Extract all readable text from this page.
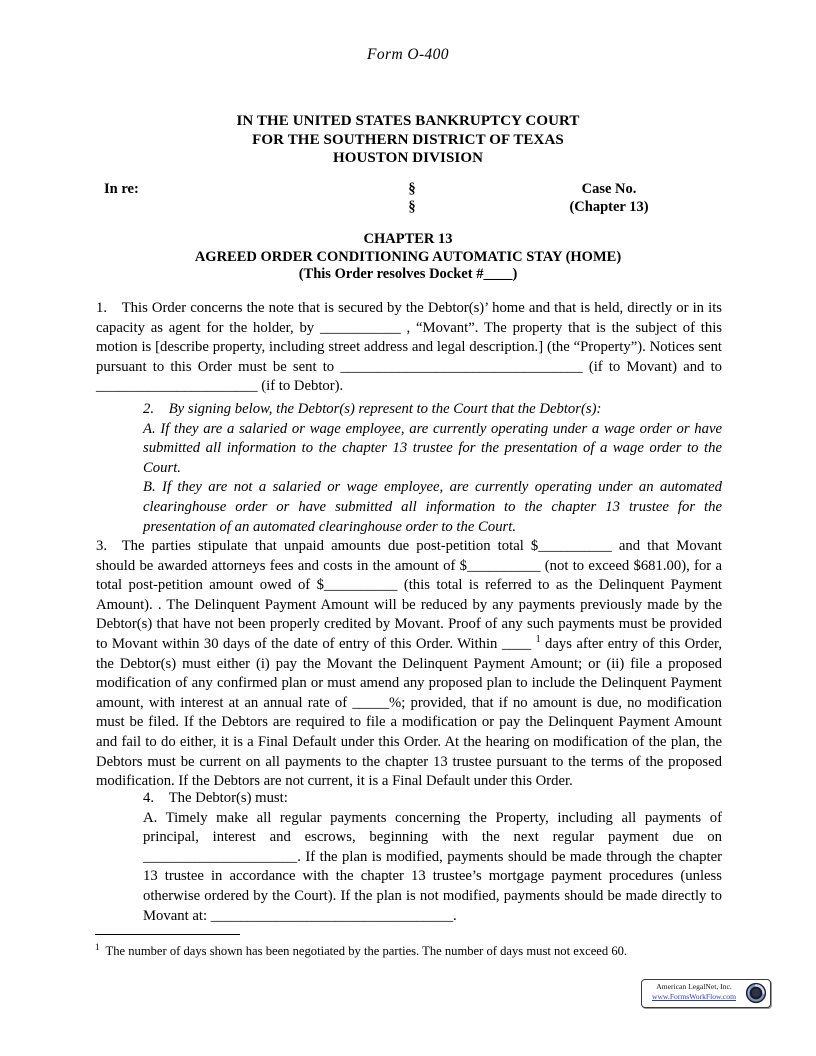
Form O-400
IN THE UNITED STATES BANKRUPTCY COURT
FOR THE SOUTHERN DISTRICT OF TEXAS
HOUSTON DIVISION
In re:	§
§
Case No.
(Chapter 13)
CHAPTER 13
AGREED ORDER CONDITIONING AUTOMATIC STAY (HOME)
(This Order resolves Docket #____)

1. This Order concerns the note that is secured by the Debtor(s)’ home and that is held, directly or in its capacity as agent for the holder, by ___________ , “Movant”. The property that is the subject of this motion is [describe property, including street address and legal description.] (the “Property”). Notices sent pursuant to this Order must be sent to _________________________________ (if to Movant) and to ______________________ (if to Debtor).

2. By signing below, the Debtor(s) represent to the Court that the Debtor(s):

A. If they are a salaried or wage employee, are currently operating under a wage order or have submitted all information to the chapter 13 trustee for the presentation of a wage order to the Court.

B. If they are not a salaried or wage employee, are currently operating under an automated clearinghouse order or have submitted all information to the chapter 13 trustee for the presentation of an automated clearinghouse order to the Court.

3. The parties stipulate that unpaid amounts due post-petition total $__________ and that Movant should be awarded attorneys fees and costs in the amount of $__________ (not to exceed $681.00), for a total post-petition amount owed of $__________ (this total is referred to as the Delinquent Payment Amount). . The Delinquent Payment Amount will be reduced by any payments previously made by the Debtor(s) that have not been properly credited by Movant. Proof of any such payments must be provided to Movant within 30 days of the date of entry of this Order. Within ____ $^1$ days after entry of this Order, the Debtor(s) must either (i) pay the Movant the Delinquent Payment Amount; or (ii) file a proposed modification of any confirmed plan or must amend any proposed plan to include the Delinquent Payment amount, with interest at an annual rate of _____%; provided, that if no amount is due, no modification must be filed. If the Debtors are required to file a modification or pay the Delinquent Payment Amount and fail to do either, it is a Final Default under this Order. At the hearing on modification of the plan, the Debtors must be current on all payments to the chapter 13 trustee pursuant to the terms of the proposed modification. If the Debtors are not current, it is a Final Default under this Order.

4. The Debtor(s) must:

A. Timely make all regular payments concerning the Property, including all payments of principal, interest and escrows, beginning with the next regular payment due on _____________________. If the plan is modified, payments should be made through the chapter 13 trustee in accordance with the chapter 13 trustee’s mortgage payment procedures (unless otherwise ordered by the Court). If the plan is not modified, payments should be made directly to Movant at: _________________________________.

$^1$ The number of days shown has been negotiated by the parties. The number of days must not exceed 60.
American LegalNet, Inc.
www.FormsWorkFlow.com
